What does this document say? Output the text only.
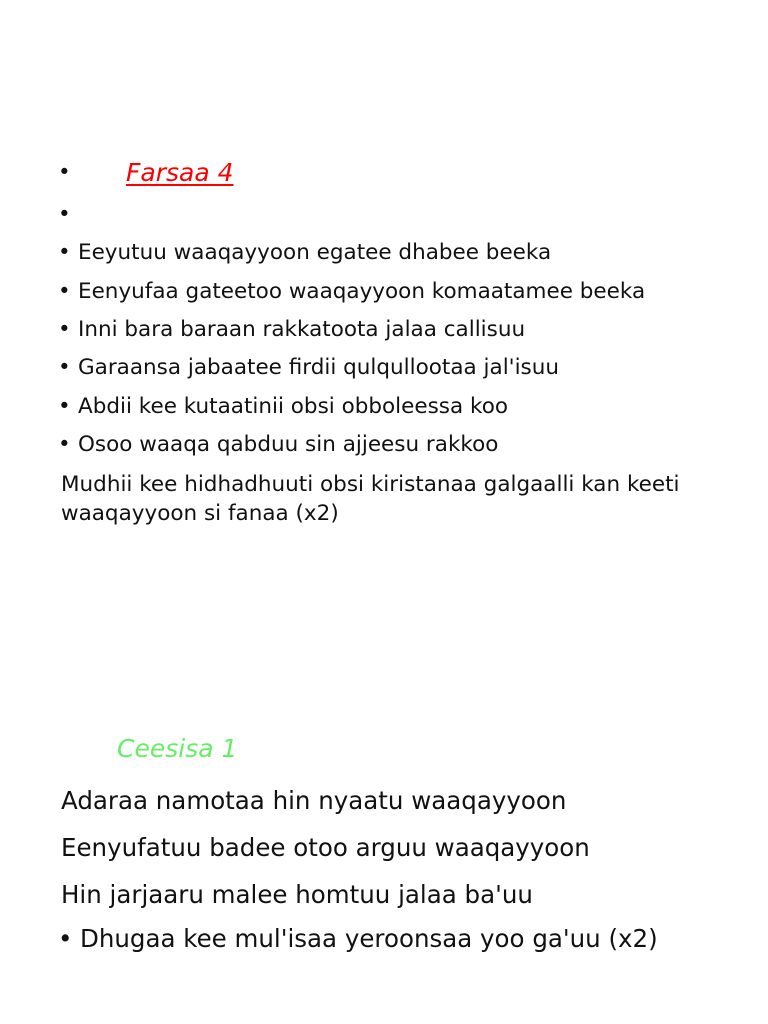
• Farsaa 4
•
• Eeyutuu waaqayyoon egatee dhabee beeka
• Eenyufaa gateetoo waaqayyoon komaatamee beeka
• Inni bara baraan rakkatoota jalaa callisuu
• Garaansa jabaatee firdii qulqullootaa jal'isuu
• Abdii kee kutaatinii obsi obboleessa koo
• Osoo waaqa qabduu sin ajjeesu rakkoo
Mudhii kee hidhadhuuti obsi kiristanaa galgaalli kan keeti waaqayyoon si fanaa (x2)
Ceesisa 1
Adaraa namotaa hin nyaatu waaqayyoon
Eenyufatuu badee otoo arguu waaqayyoon
Hin jarjaaru malee homtuu jalaa ba'uu
• Dhugaa kee mul'isaa yeroonsaa yoo ga'uu (x2)
